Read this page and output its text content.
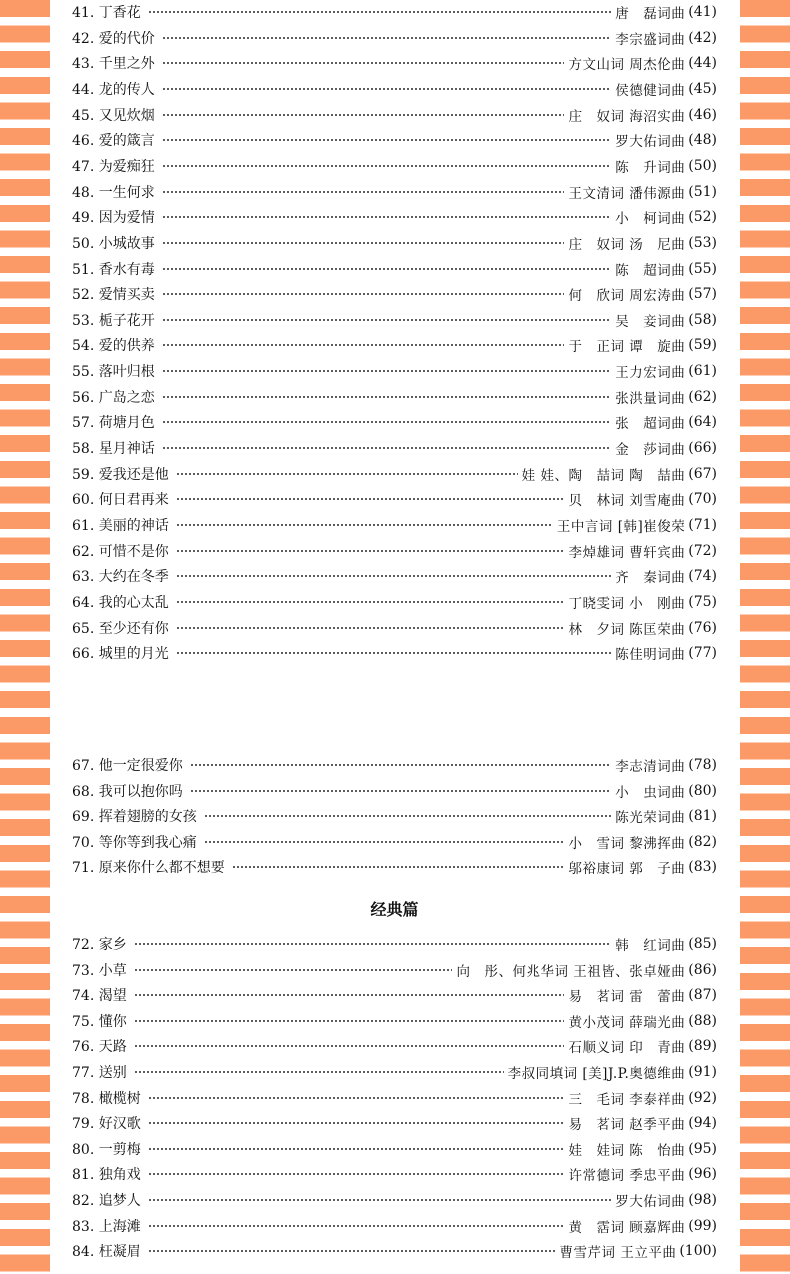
经典篇
41. 丁香花	唐　磊词曲 (41)
42. 爱的代价	李宗盛词曲 (42)
43. 千里之外	方文山词 周杰伦曲 (44)
44. 龙的传人	侯德健词曲 (45)
45. 又见炊烟	庄　奴词 海沼实曲 (46)
46. 爱的箴言	罗大佑词曲 (48)
47. 为爱痴狂	陈　升词曲 (50)
48. 一生何求	王文清词 潘伟源曲 (51)
49. 因为爱情	小　柯词曲 (52)
50. 小城故事	庄　奴词 汤　尼曲 (53)
51. 香水有毒	陈　超词曲 (55)
52. 爱情买卖	何　欣词 周宏涛曲 (57)
53. 栀子花开	吴　妾词曲 (58)
54. 爱的供养	于　正词 谭　旋曲 (59)
55. 落叶归根	王力宏词曲 (61)
56. 广岛之恋	张洪量词曲 (62)
57. 荷塘月色	张　超词曲 (64)
58. 星月神话	金　莎词曲 (66)
59. 爱我还是他	娃 娃、陶　喆词 陶　喆曲 (67)
60. 何日君再来	贝　林词 刘雪庵曲 (70)
61. 美丽的神话	王中言词 [韩]崔俊荣 (71)
62. 可惜不是你	李焯雄词 曹轩宾曲 (72)
63. 大约在冬季	齐　秦词曲 (74)
64. 我的心太乱	丁晓雯词 小　刚曲 (75)
65. 至少还有你	林　夕词 陈匡荣曲 (76)
66. 城里的月光	陈佳明词曲 (77)
67. 他一定很爱你	李志清词曲 (78)
68. 我可以抱你吗	小　虫词曲 (80)
69. 挥着翅膀的女孩	陈光荣词曲 (81)
70. 等你等到我心痛	小　雪词 黎沸挥曲 (82)
71. 原来你什么都不想要	邬裕康词 郭　子曲 (83)
72. 家乡	韩　红词曲 (85)
73. 小草	向　彤、何兆华词 王祖皆、张卓娅曲 (86)
74. 渴望	易　茗词 雷　蕾曲 (87)
75. 懂你	黄小茂词 薛瑞光曲 (88)
76. 天路	石顺义词 印　青曲 (89)
77. 送别	李叔同填词 [美]J.P.奥德维曲 (91)
78. 橄榄树	三　毛词 李泰祥曲 (92)
79. 好汉歌	易　茗词 赵季平曲 (94)
80. 一剪梅	娃　娃词 陈　怡曲 (95)
81. 独角戏	许常德词 季忠平曲 (96)
82. 追梦人	罗大佑词曲 (98)
83. 上海滩	黄　霑词 顾嘉辉曲 (99)
84. 枉凝眉	曹雪芹词 王立平曲 (100)
